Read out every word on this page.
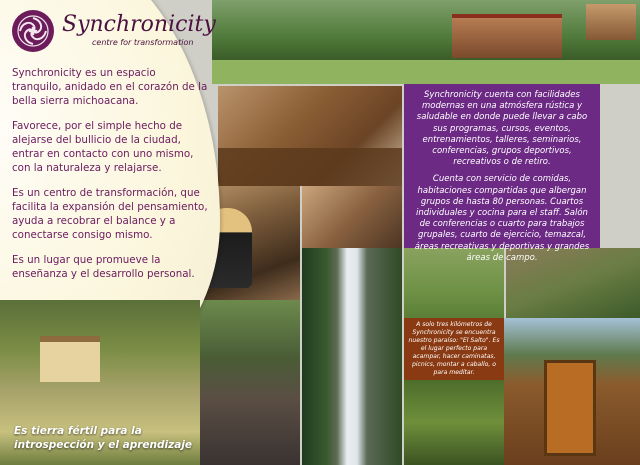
Synchronicity
centre for transformation

Synchronicity es un espacio tranquilo, anidado en el corazón de la bella sierra michoacana.

Favorece, por el simple hecho de alejarse del bullicio de la ciudad, entrar en contacto con uno mismo, con la naturaleza y relajarse.

Es un centro de transformación, que facilita la expansión del pensamiento, ayuda a recobrar el balance y a conectarse consigo mismo.

Es un lugar que promueve la enseñanza y el desarrollo personal.

Es tierra fértil para la introspección y el aprendizaje

Synchronicity cuenta con facilidades modernas en una atmósfera rústica y saludable en donde puede llevar a cabo sus programas, cursos, eventos, entrenamientos, talleres, seminarios, conferencias, grupos deportivos, recreativos o de retiro.

Cuenta con servicio de comidas, habitaciones compartidas que albergan grupos de hasta 80 personas. Cuartos individuales y cocina para el staff. Salón de conferencias o cuarto para trabajos grupales, cuarto de ejercicio, temazcal, áreas recreativas y deportivas y grandes áreas de campo.

A solo tres kilómetros de Synchronicity se encuentra nuestro paraíso: "El Salto". Es el lugar perfecto para acampar, hacer caminatas, picnics, montar a caballo, o para meditar.
